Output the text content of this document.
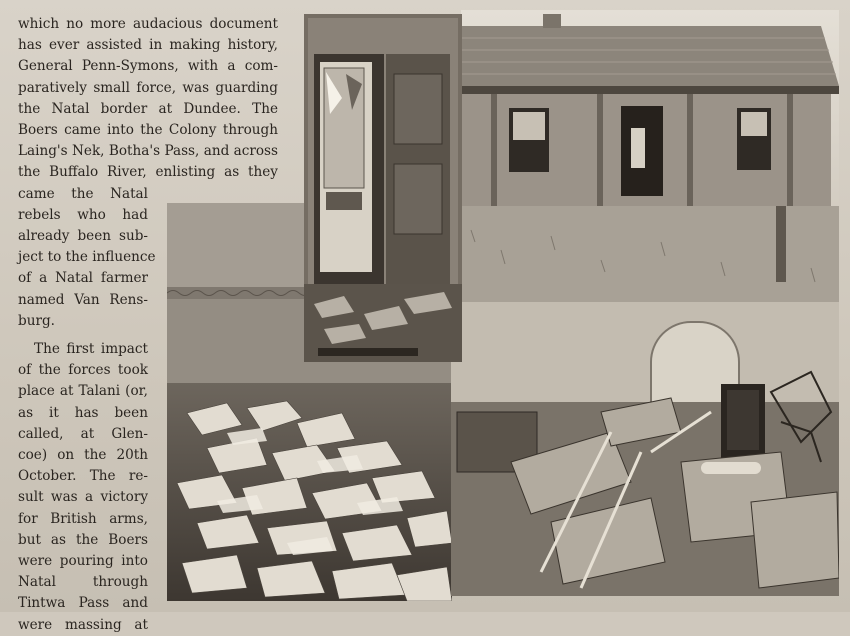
which no more audacious document
has ever assisted in making history,
General Penn-Symons, with a com-
paratively small force, was guarding
the Natal border at Dundee. The
Boers came into the Colony through
Laing's Nek, Botha's Pass, and across
the Buffalo River, enlisting as they
came the Natal
rebels who had
already been sub-
ject to the influence
of a Natal farmer
named Van Rens-
burg.

The first impact
of the forces took
place at Talani (or,
as it has been
called, at Glen-
coe) on the 20th
October. The re-
sult was a victory
for British arms,
but as the Boers
were pouring into
Natal through
Tintwa Pass and
were massing at
